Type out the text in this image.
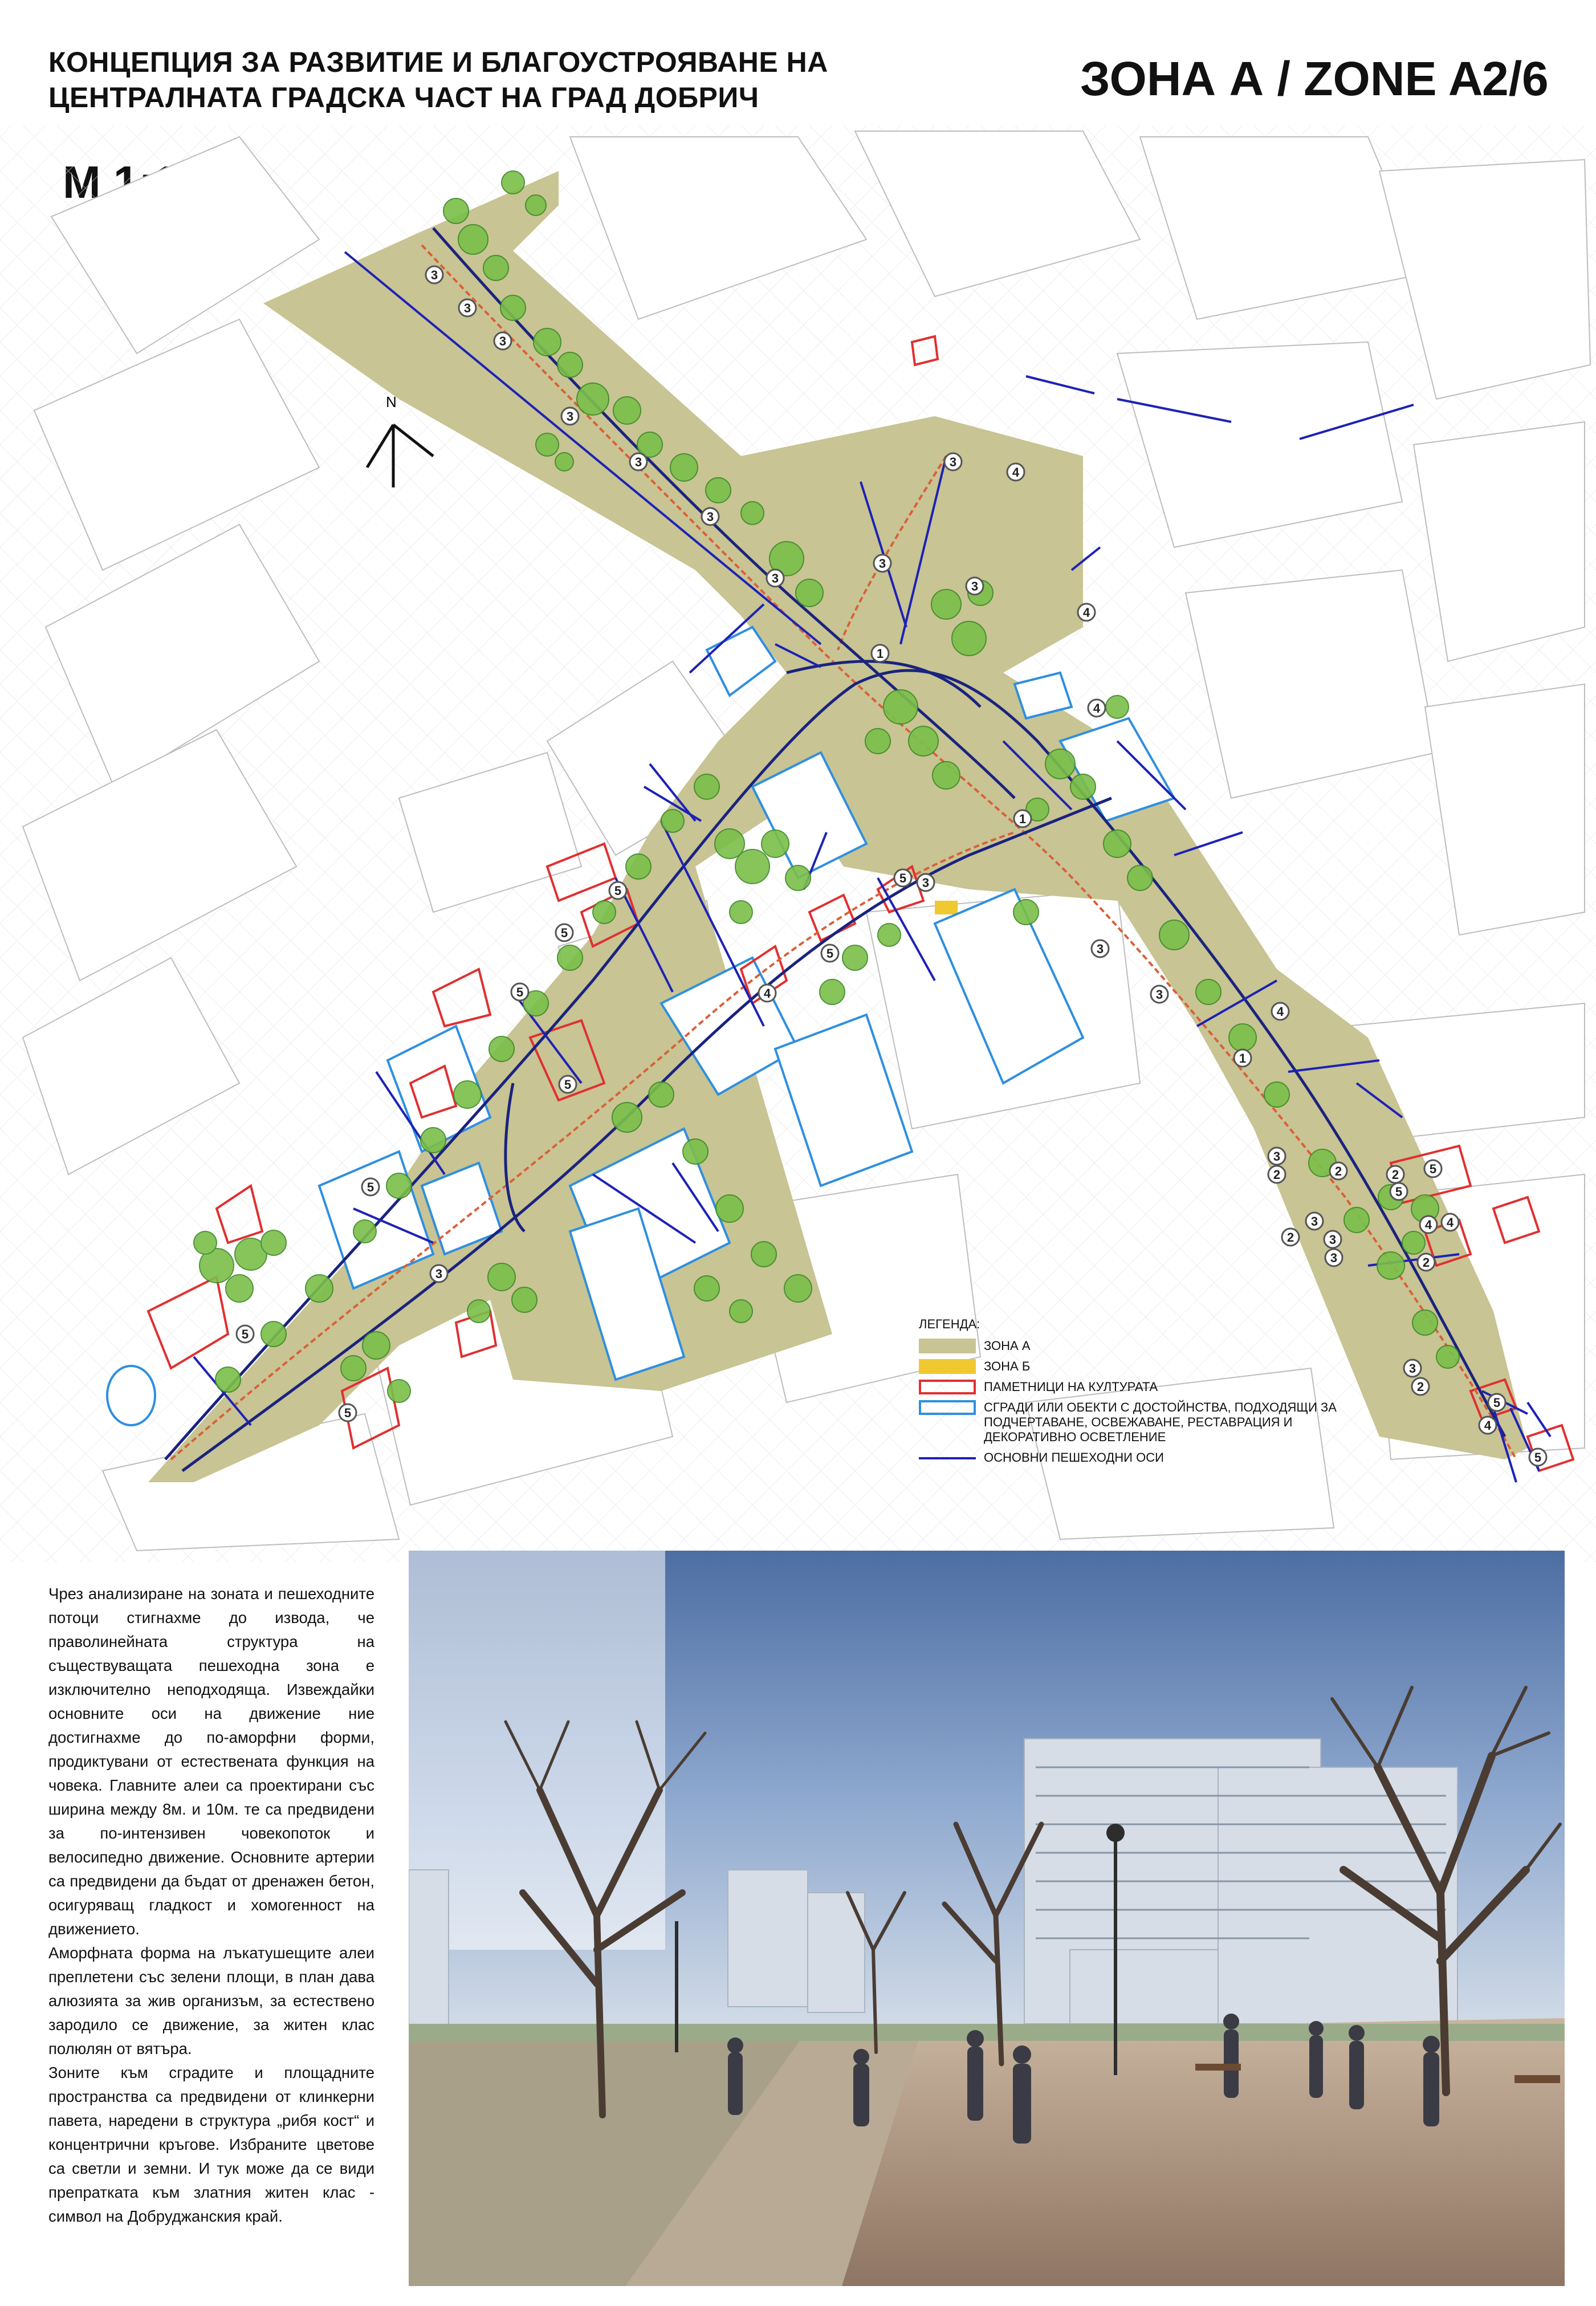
КОНЦЕПЦИЯ ЗА РАЗВИТИЕ И БЛАГОУСТРОЯВАНЕ НА
ЦЕНТРАЛНАТА ГРАДСКА ЧАСТ НА ГРАД ДОБРИЧ	ЗОНА А / ZONE A
2/6
3
3
3
3
3
3
3
3
4
3
3
4
1
4
1
3
3
5 3
5
5
5
5
5
4
4
1
3
2	2	2 5
5
3
2
3
4 4
2
3
3
2
5
4
5
5
5
5
3
N
ЛЕГЕНДА:
ЗОНА А
ЗОНА Б
ПАМЕТНИЦИ НА КУЛТУРАТА
СГРАДИ ИЛИ ОБЕКТИ С ДОСТОЙНСТВА, ПОДХОДЯЩИ ЗА ПОДЧЕРТАВАНЕ, ОСВЕЖАВАНЕ, РЕСТАВРАЦИЯ И ДЕКОРАТИВНО ОСВЕТЛЕНИЕ
ОСНОВНИ ПЕШЕХОДНИ ОСИ

Чрез анализиране на зоната и пешеходните потоци стигнахме до извода, че праволинейната структура на съществуващата пешеходна зона е изключително неподходяща. Извеждайки основните оси на движение ние достигнахме до по-аморфни форми, продиктувани от естествената функция на човека. Главните алеи са проектирани със ширина между 8м. и 10м. те са предвидени за по-интензивен човекопоток и велосипедно движение. Основните артерии са предвидени да бъдат от дренажен бетон, осигуряващ гладкост и хомогенност на движението.

Аморфната форма на лъкатушещите алеи преплетени със зелени площи, в план дава алюзията за жив организъм, за естествено зародило се движение, за житен клас полюлян от вятъра.

Зоните към сградите и площадните пространства са предвидени от клинкерни павета, наредени в структура „рибя кост“ и концентрични кръгове. Избраните цветове са светли и земни. И тук може да се види препратката към златния житен клас - символ на Добруджанския край.
